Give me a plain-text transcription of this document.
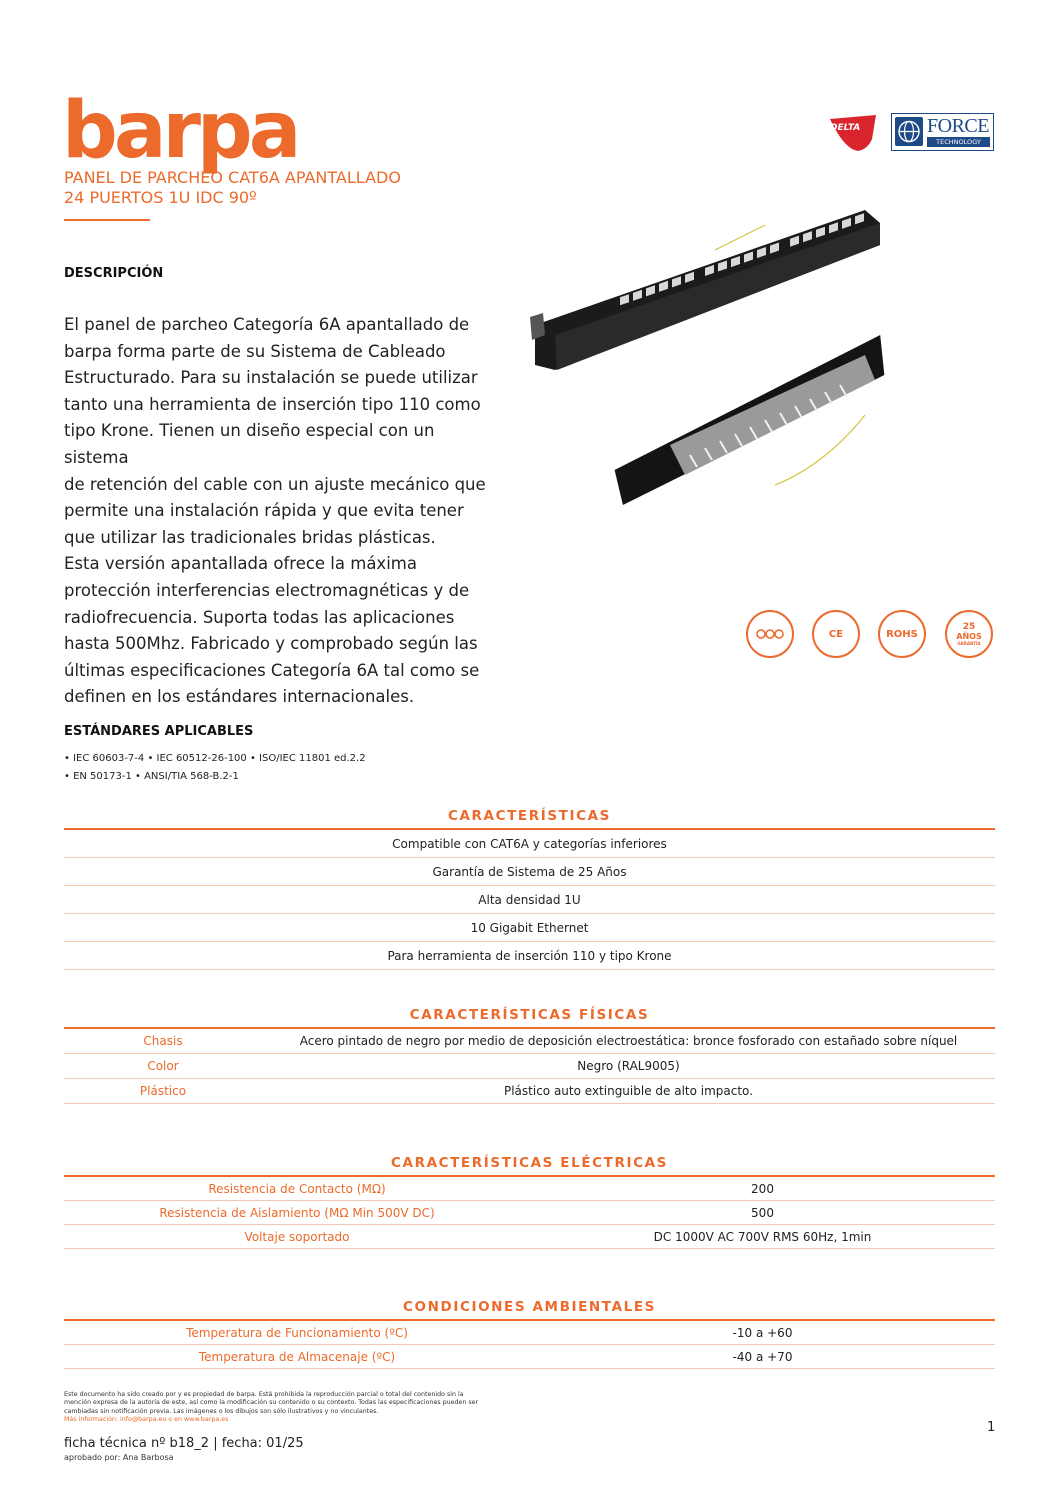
barpa
PANEL DE PARCHEO CAT6A APANTALLADO
24 PUERTOS 1U IDC 90º
DELTA	FORCE
TECHNOLOGY
DESCRIPCIÓN
El panel de parcheo Categoría 6A apantallado de
barpa forma parte de su Sistema de Cableado
Estructurado. Para su instalación se puede utilizar
tanto una herramienta de inserción tipo 110 como
tipo Krone. Tienen un diseño especial con un sistema
de retención del cable con un ajuste mecánico que
permite una instalación rápida y que evita tener
que utilizar las tradicionales bridas plásticas.
Esta versión apantallada ofrece la máxima
protección interferencias electromagnéticas y de
radiofrecuencia. Suporta todas las aplicaciones
hasta 500Mhz. Fabricado y comprobado según las
últimas especificaciones Categoría 6A tal como se
definen en los estándares internacionales.
barpa
CE	ROHS
25
AÑOS
GARANTÍA
ESTÁNDARES APLICABLES
• IEC 60603-7-4 • IEC 60512-26-100 • ISO/IEC 11801 ed.2.2
• EN 50173-1 • ANSI/TIA 568-B.2-1
CARACTERÍSTICAS
Compatible con CAT6A y categorías inferiores
Garantía de Sistema de 25 Años
Alta densidad 1U
10 Gigabit Ethernet
Para herramienta de inserción 110 y tipo Krone
CARACTERÍSTICAS FÍSICAS
Chasis	Acero pintado de negro por medio de deposición electroestática: bronce fosforado con estañado sobre níquel
Color	Negro (RAL9005)
Plástico	Plástico auto extinguible de alto impacto.
CARACTERÍSTICAS ELÉCTRICAS
Resistencia de Contacto (MΩ)	200
Resistencia de Aislamiento (MΩ Min 500V DC)	500
Voltaje soportado	DC 1000V AC 700V RMS 60Hz, 1min
CONDICIONES AMBIENTALES
Temperatura de Funcionamiento (ºC)	-10 a +60
Temperatura de Almacenaje (ºC)	-40 a +70
Este documento ha sido creado por y es propiedad de barpa. Está prohibida la reproducción parcial o total del contenido sin la
mención expresa de la autoría de este, así como la modificación su contenido o su contexto. Todas las especificaciones pueden ser
cambiadas sin notificación previa. Las imágenes o los dibujos son sólo ilustrativos y no vinculantes.
Más información: info@barpa.eu o en www.barpa.es
ficha técnica nº b18_2 | fecha: 01/25
aprobado por: Ana Barbosa
1
